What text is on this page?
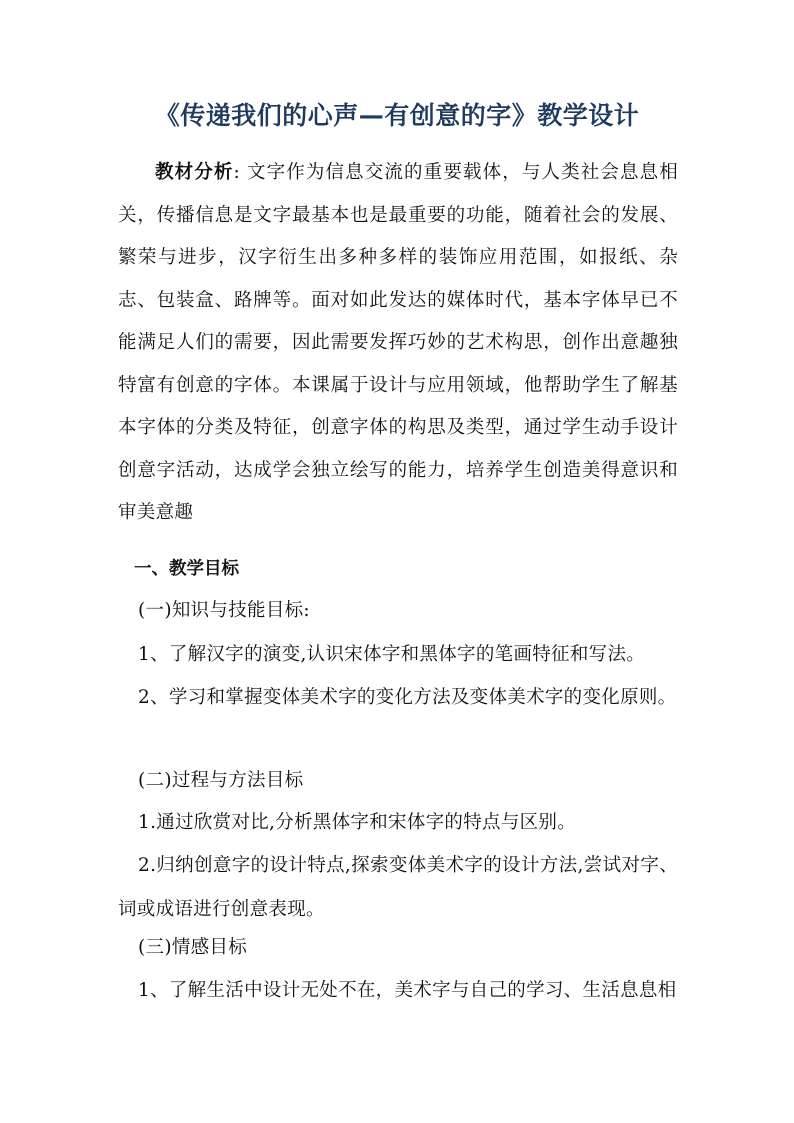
《传递我们的心声—有创意的字》教学设计

教材分析: 文字作为信息交流的重要载体，与人类社会息息相关，传播信息是文字最基本也是最重要的功能，随着社会的发展、繁荣与进步，汉字衍生出多种多样的装饰应用范围，如报纸、杂志、包装盒、路牌等。面对如此发达的媒体时代，基本字体早已不能满足人们的需要，因此需要发挥巧妙的艺术构思，创作出意趣独特富有创意的字体。本课属于设计与应用领域，他帮助学生了解基本字体的分类及特征，创意字体的构思及类型，通过学生动手设计创意字活动，达成学会独立绘写的能力，培养学生创造美得意识和审美意趣

一、教学目标

(一)知识与技能目标:

1、了解汉字的演变,认识宋体字和黑体字的笔画特征和写法。

2、学习和掌握变体美术字的变化方法及变体美术字的变化原则。

(二)过程与方法目标

1.通过欣赏对比,分析黑体字和宋体字的特点与区别。

2.归纳创意字的设计特点,探索变体美术字的设计方法,尝试对字、词或成语进行创意表现。

(三)情感目标

1、了解生活中设计无处不在，美术字与自己的学习、生活息息相
